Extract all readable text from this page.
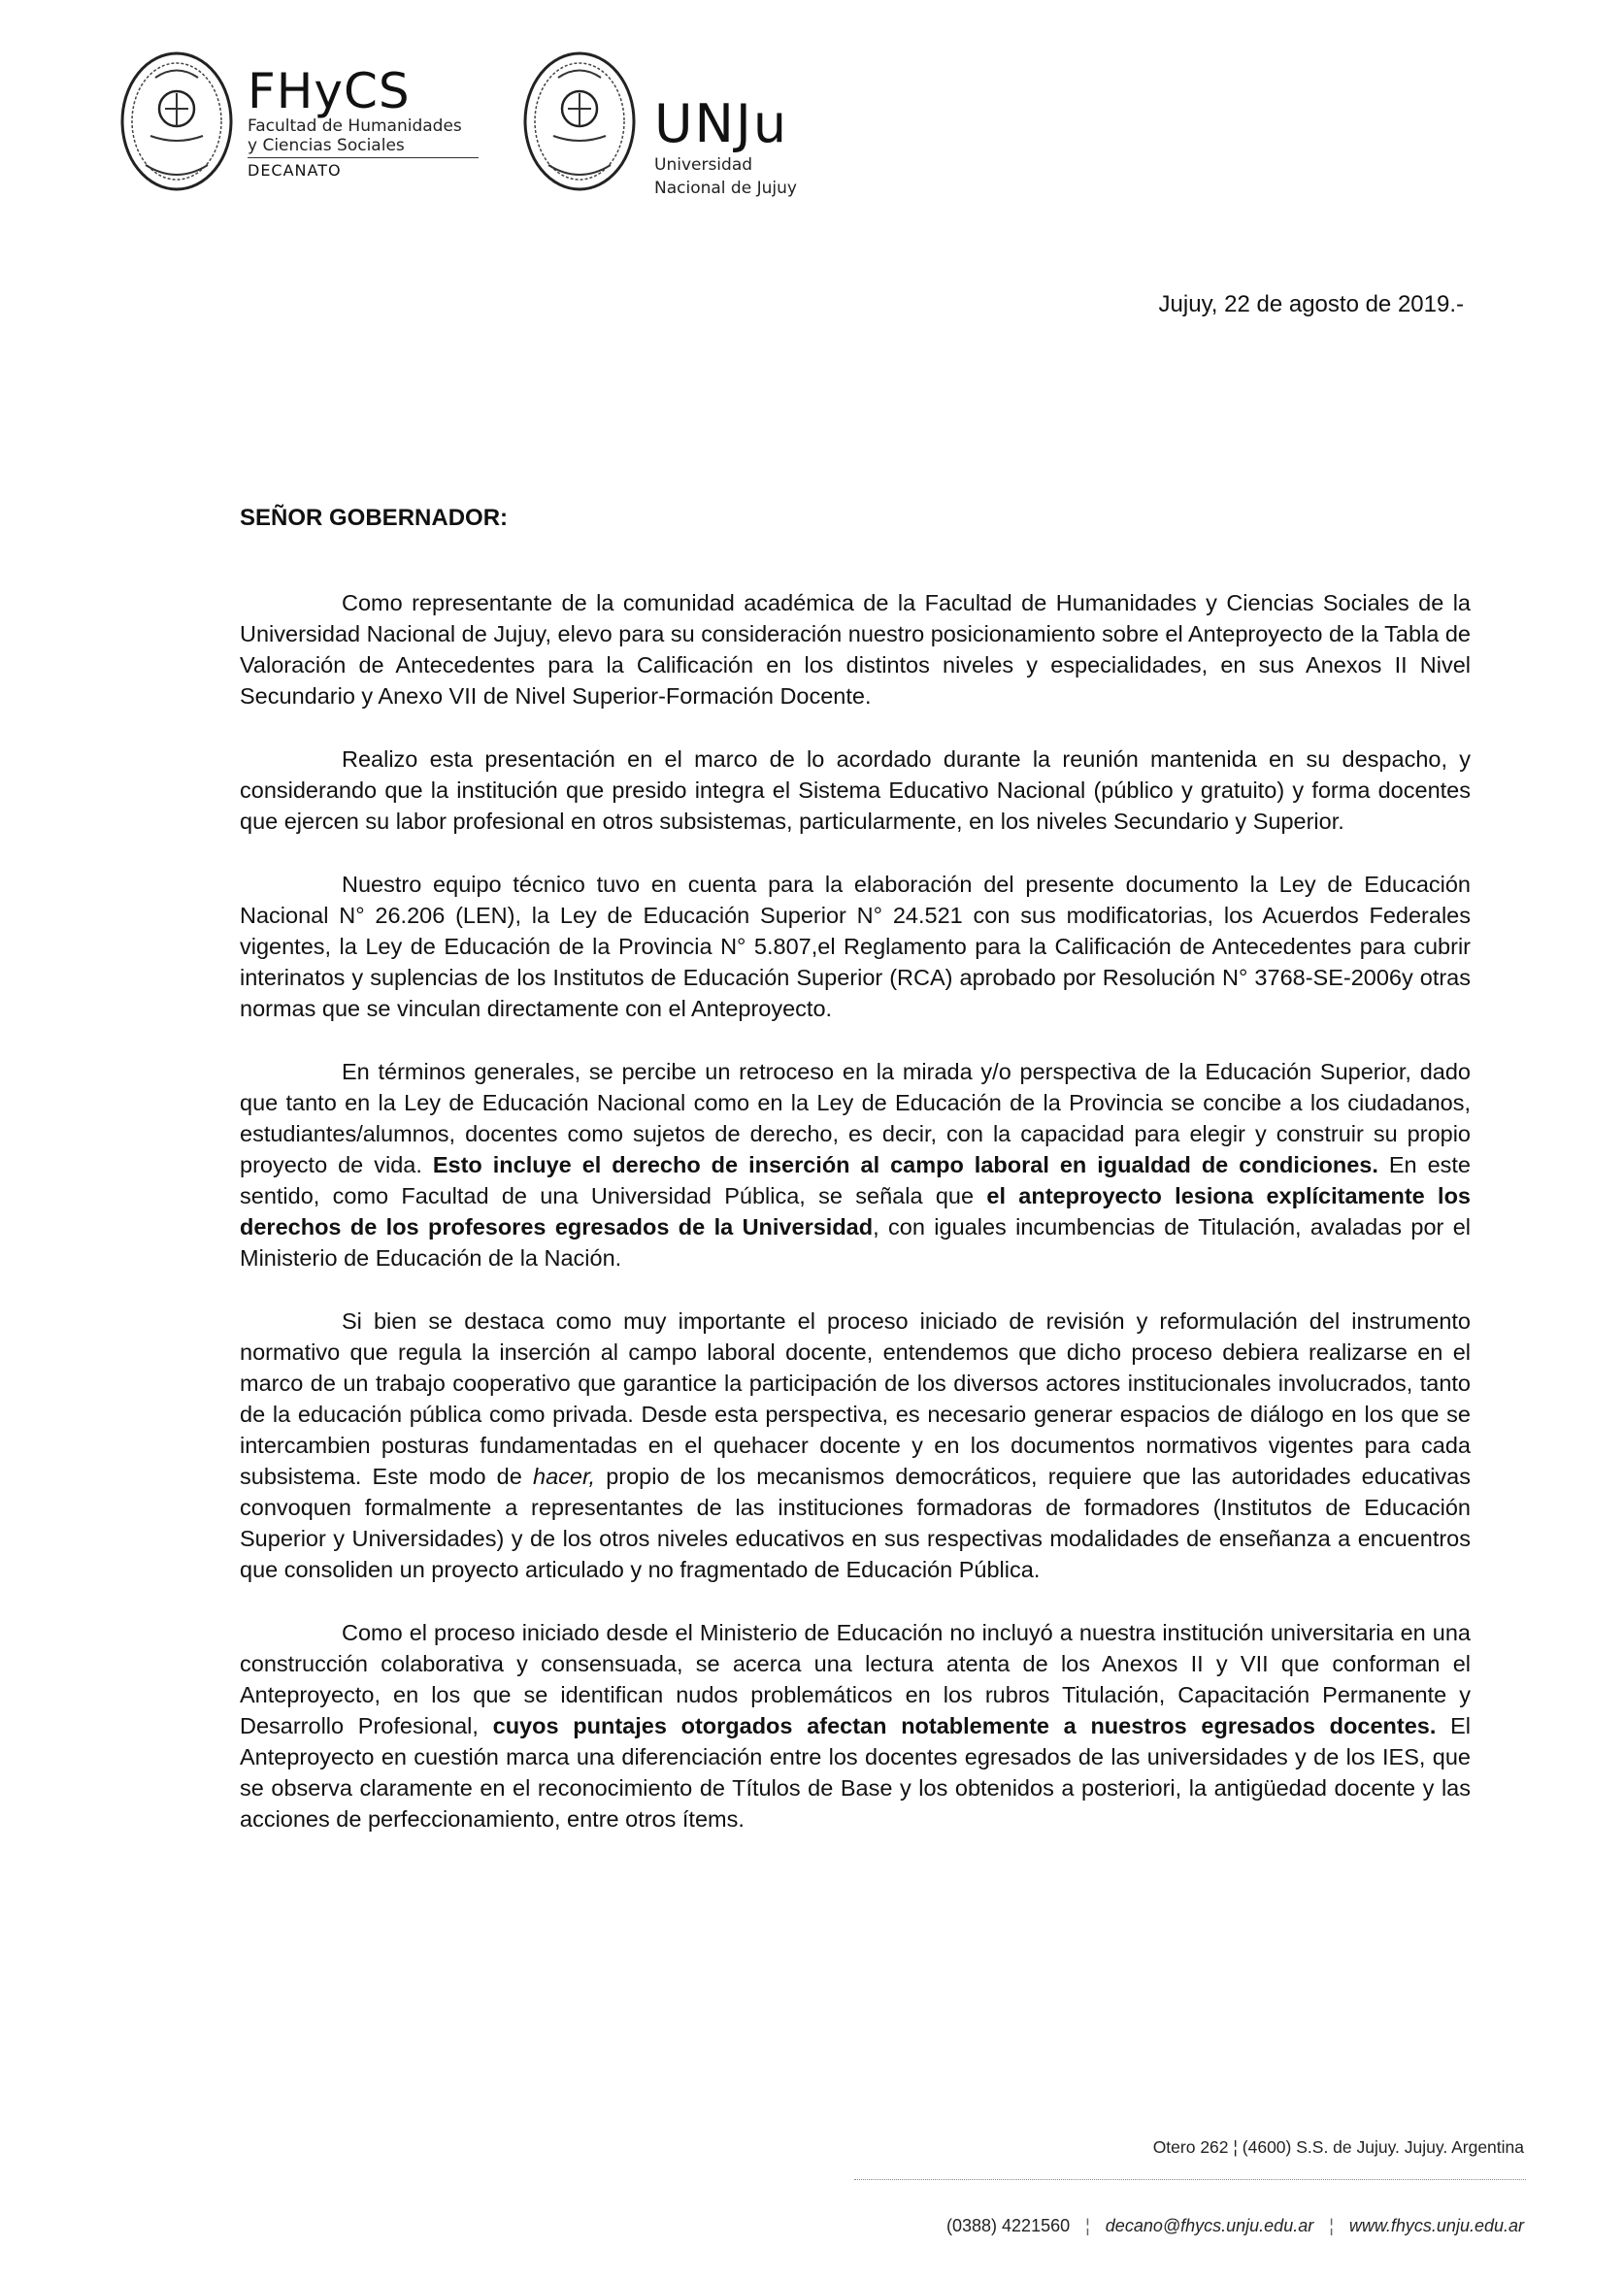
FHyCS
Facultad de Humanidades
y Ciencias Sociales
DECANATO
UNJu
Universidad
Nacional de Jujuy
Jujuy, 22 de agosto de 2019.-
SEÑOR GOBERNADOR:

Como representante de la comunidad académica de la Facultad de Humanidades y Ciencias Sociales de la Universidad Nacional de Jujuy, elevo para su consideración nuestro posicionamiento sobre el Anteproyecto de la Tabla de Valoración de Antecedentes para la Calificación en los distintos niveles y especialidades, en sus Anexos II Nivel Secundario y Anexo VII de Nivel Superior-Formación Docente.

Realizo esta presentación en el marco de lo acordado durante la reunión mantenida en su despacho, y considerando que la institución que presido integra el Sistema Educativo Nacional (público y gratuito) y forma docentes que ejercen su labor profesional en otros subsistemas, particularmente, en los niveles Secundario y Superior.

Nuestro equipo técnico tuvo en cuenta para la elaboración del presente documento la Ley de Educación Nacional N° 26.206 (LEN), la Ley de Educación Superior N° 24.521 con sus modificatorias, los Acuerdos Federales vigentes, la Ley de Educación de la Provincia N° 5.807,el Reglamento para la Calificación de Antecedentes para cubrir interinatos y suplencias de los Institutos de Educación Superior (RCA) aprobado por Resolución N° 3768-SE-2006y otras normas que se vinculan directamente con el Anteproyecto.

En términos generales, se percibe un retroceso en la mirada y/o perspectiva de la Educación Superior, dado que tanto en la Ley de Educación Nacional como en la Ley de Educación de la Provincia se concibe a los ciudadanos, estudiantes/alumnos, docentes como sujetos de derecho, es decir, con la capacidad para elegir y construir su propio proyecto de vida. Esto incluye el derecho de inserción al campo laboral en igualdad de condiciones. En este sentido, como Facultad de una Universidad Pública, se señala que el anteproyecto lesiona explícitamente los derechos de los profesores egresados de la Universidad, con iguales incumbencias de Titulación, avaladas por el Ministerio de Educación de la Nación.

Si bien se destaca como muy importante el proceso iniciado de revisión y reformulación del instrumento normativo que regula la inserción al campo laboral docente, entendemos que dicho proceso debiera realizarse en el marco de un trabajo cooperativo que garantice la participación de los diversos actores institucionales involucrados, tanto de la educación pública como privada. Desde esta perspectiva, es necesario generar espacios de diálogo en los que se intercambien posturas fundamentadas en el quehacer docente y en los documentos normativos vigentes para cada subsistema. Este modo de hacer, propio de los mecanismos democráticos, requiere que las autoridades educativas convoquen formalmente a representantes de las instituciones formadoras de formadores (Institutos de Educación Superior y Universidades) y de los otros niveles educativos en sus respectivas modalidades de enseñanza a encuentros que consoliden un proyecto articulado y no fragmentado de Educación Pública.

Como el proceso iniciado desde el Ministerio de Educación no incluyó a nuestra institución universitaria en una construcción colaborativa y consensuada, se acerca una lectura atenta de los Anexos II y VII que conforman el Anteproyecto, en los que se identifican nudos problemáticos en los rubros Titulación, Capacitación Permanente y Desarrollo Profesional, cuyos puntajes otorgados afectan notablemente a nuestros egresados docentes. El Anteproyecto en cuestión marca una diferenciación entre los docentes egresados de las universidades y de los IES, que se observa claramente en el reconocimiento de Títulos de Base y los obtenidos a posteriori, la antigüedad docente y las acciones de perfeccionamiento, entre otros ítems.

Otero 262 ¦ (4600) S.S. de Jujuy. Jujuy. Argentina
(0388) 4221560 ¦ decano@fhycs.unju.edu.ar ¦ www.fhycs.unju.edu.ar
